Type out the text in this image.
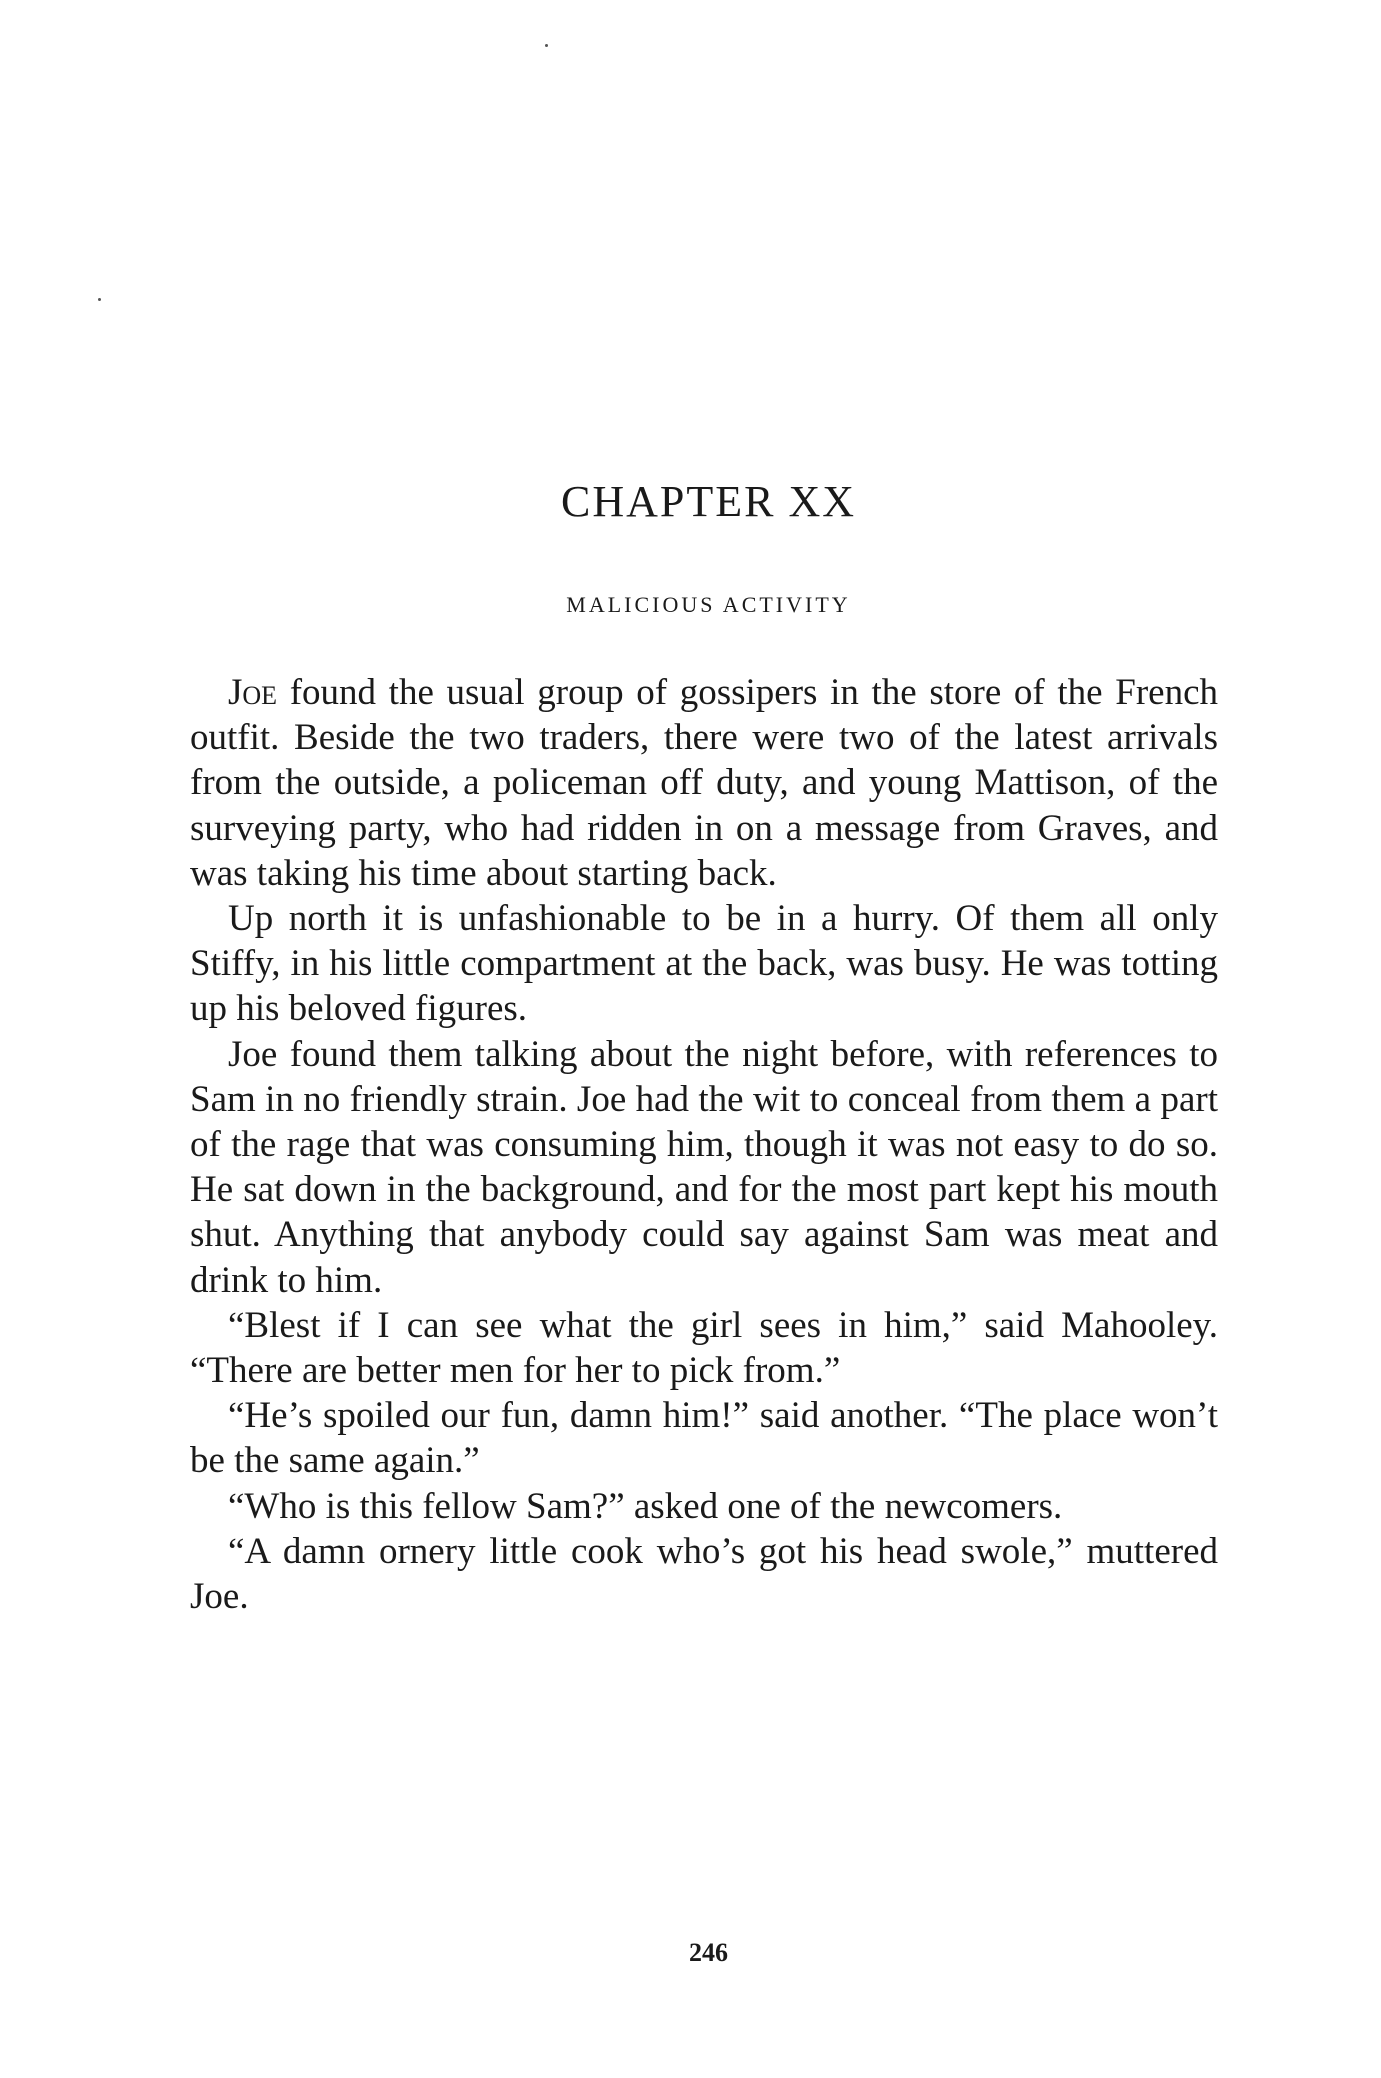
CHAPTER XX
MALICIOUS ACTIVITY

Joe found the usual group of gossipers in the store of the French outfit. Beside the two traders, there were two of the latest arrivals from the outside, a policeman off duty, and young Mattison, of the surveying party, who had ridden in on a message from Graves, and was taking his time about starting back.

Up north it is unfashionable to be in a hurry. Of them all only Stiffy, in his little compartment at the back, was busy. He was totting up his beloved figures.

Joe found them talking about the night before, with references to Sam in no friendly strain. Joe had the wit to conceal from them a part of the rage that was consuming him, though it was not easy to do so. He sat down in the background, and for the most part kept his mouth shut. Anything that anybody could say against Sam was meat and drink to him.

“Blest if I can see what the girl sees in him,” said Mahooley. “There are better men for her to pick from.”

“He’s spoiled our fun, damn him!” said another. “The place won’t be the same again.”

“Who is this fellow Sam?” asked one of the newcomers.

“A damn ornery little cook who’s got his head swole,” muttered Joe.

246
